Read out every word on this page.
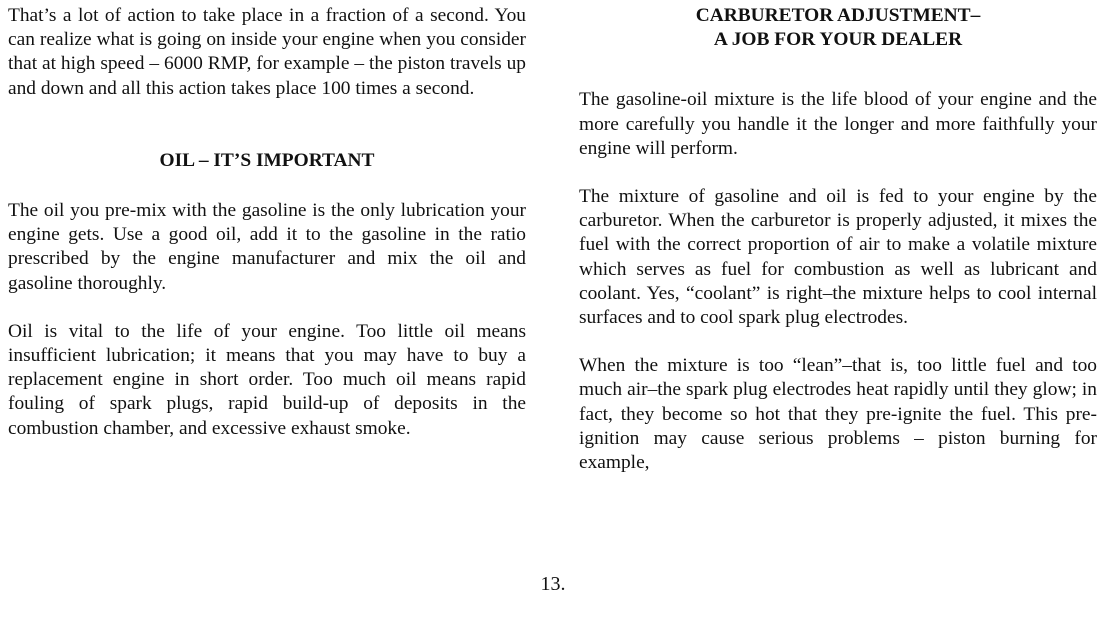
That’s a lot of action to take place in a fraction of a second. You can realize what is going on inside your engine when you consider that at high speed – 6000 RMP, for example – the piston travels up and down and all this action takes place 100 times a second.

OIL – IT’S IMPORTANT

The oil you pre-mix with the gasoline is the only lubrication your engine gets. Use a good oil, add it to the gasoline in the ratio prescribed by the engine manufacturer and mix the oil and gasoline thoroughly.

Oil is vital to the life of your engine. Too little oil means insufficient lubrication; it means that you may have to buy a replacement engine in short order. Too much oil means rapid fouling of spark plugs, rapid build-up of deposits in the combustion chamber, and excessive exhaust smoke.

CARBURETOR ADJUSTMENT–
A JOB FOR YOUR DEALER

The gasoline-oil mixture is the life blood of your engine and the more carefully you handle it the longer and more faithfully your engine will perform.

The mixture of gasoline and oil is fed to your engine by the carburetor. When the carburetor is properly adjusted, it mixes the fuel with the correct proportion of air to make a volatile mixture which serves as fuel for combustion as well as lubricant and coolant. Yes, “coolant” is right–the mixture helps to cool internal surfaces and to cool spark plug electrodes.

When the mixture is too “lean”–that is, too little fuel and too much air–the spark plug electrodes heat rapidly until they glow; in fact, they become so hot that they pre-ignite the fuel. This pre-ignition may cause serious problems – piston burning for example,

13.
